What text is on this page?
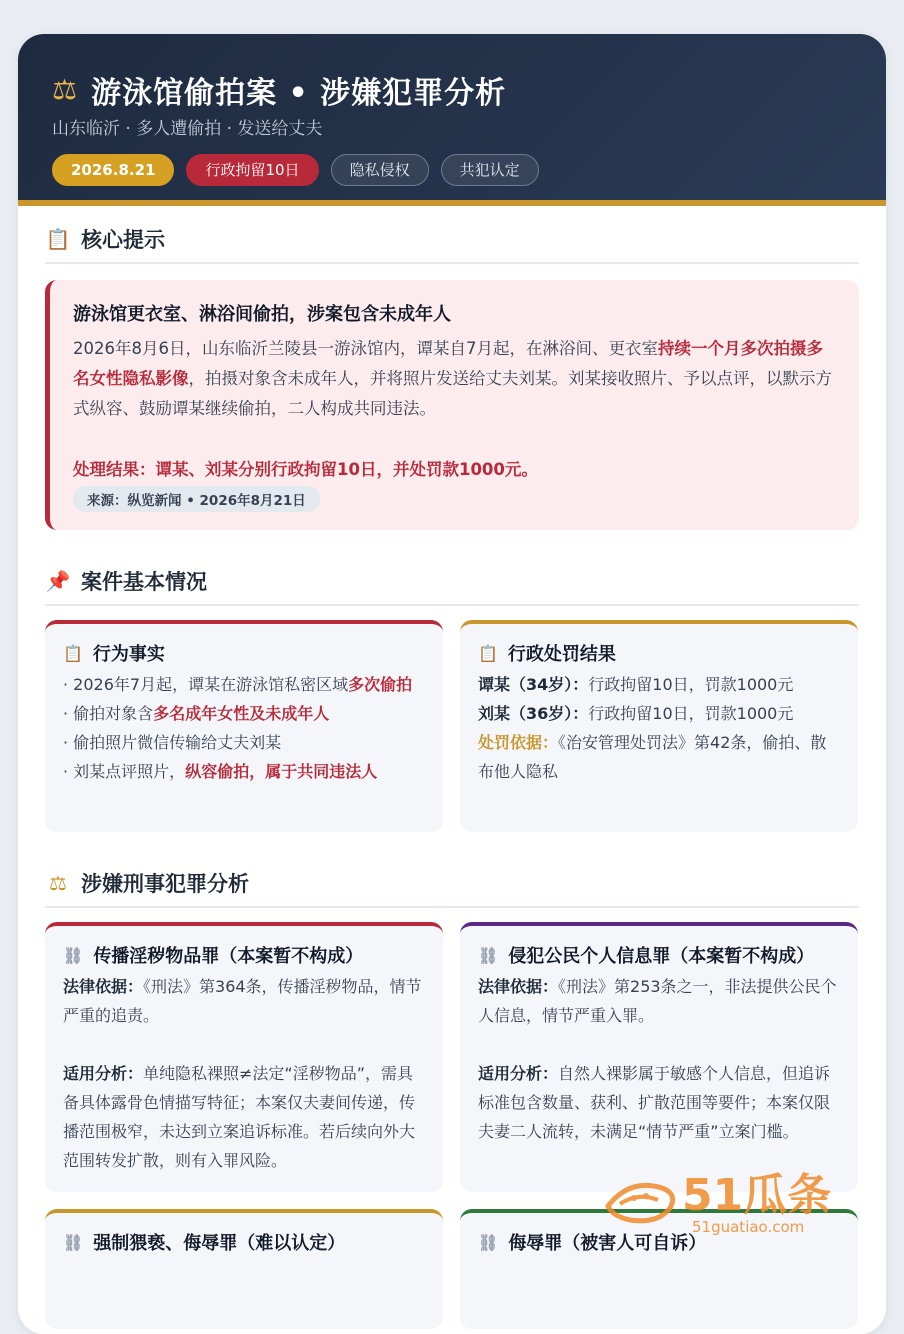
⚖ 游泳馆偷拍案 • 涉嫌犯罪分析
山东临沂 · 多人遭偷拍 · 发送给丈夫
2026.8.21	行政拘留10日	隐私侵权	共犯认定
📋 核心提示
游泳馆更衣室、淋浴间偷拍，涉案包含未成年人
2026年8月6日，山东临沂兰陵县一游泳馆内，谭某自7月起，在淋浴间、更衣室持续一个月多次拍摄多名女性隐私影像，拍摄对象含未成年人，并将照片发送给丈夫刘某。刘某接收照片、予以点评，以默示方式纵容、鼓励谭某继续偷拍，二人构成共同违法。
处理结果：谭某、刘某分别行政拘留10日，并处罚款1000元。
来源：纵览新闻 • 2026年8月21日
📌 案件基本情况
📋 行为事实
· 2026年7月起，谭某在游泳馆私密区域多次偷拍
· 偷拍对象含多名成年女性及未成年人
· 偷拍照片微信传输给丈夫刘某
· 刘某点评照片，纵容偷拍，属于共同违法人
📋 行政处罚结果
谭某（34岁）：行政拘留10日，罚款1000元
刘某（36岁）：行政拘留10日，罚款1000元
处罚依据：《治安管理处罚法》第42条，偷拍、散布他人隐私
⚖ 涉嫌刑事犯罪分析
⛓ 传播淫秽物品罪（本案暂不构成）
法律依据：《刑法》第364条，传播淫秽物品，情节严重的追责。
适用分析：单纯隐私裸照≠法定“淫秽物品”，需具备具体露骨色情描写特征；本案仅夫妻间传递，传播范围极窄，未达到立案追诉标准。若后续向外大范围转发扩散，则有入罪风险。
⛓ 侵犯公民个人信息罪（本案暂不构成）
法律依据：《刑法》第253条之一，非法提供公民个人信息，情节严重入罪。
适用分析：自然人裸影属于敏感个人信息，但追诉标准包含数量、获利、扩散范围等要件；本案仅限夫妻二人流转，未满足“情节严重”立案门槛。
⛓ 强制猥亵、侮辱罪（难以认定）	⛓ 侮辱罪（被害人可自诉）
51瓜条
51guatiao.com
